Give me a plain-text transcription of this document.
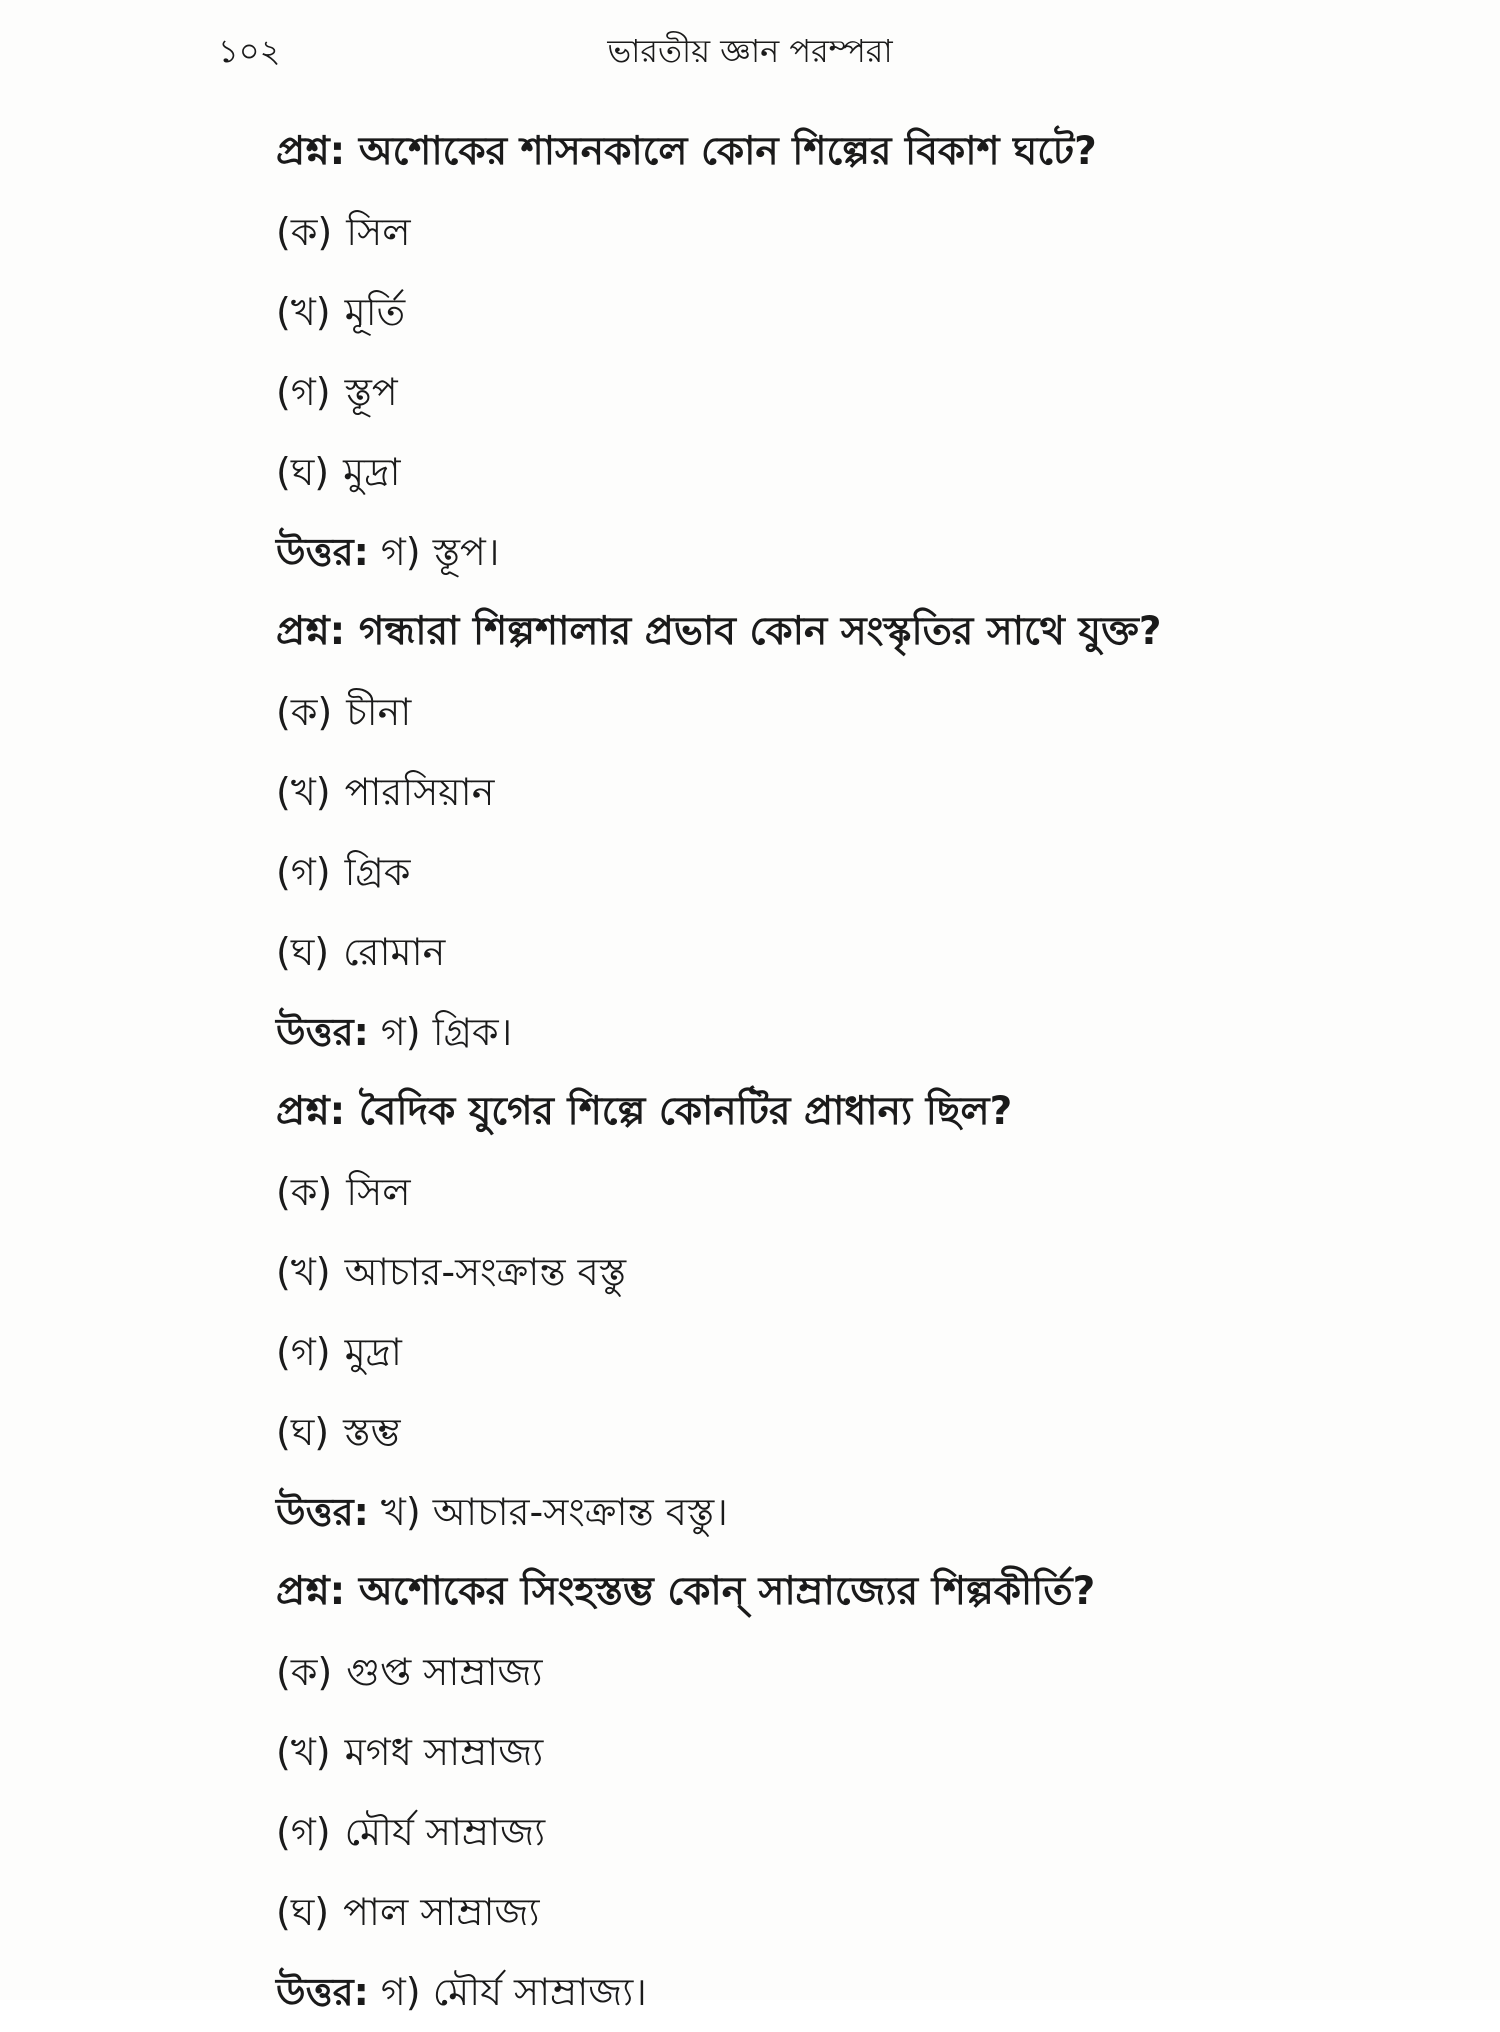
১০২	ভারতীয় জ্ঞান পরম্পরা
প্রশ্ন: অশোকের শাসনকালে কোন শিল্পের বিকাশ ঘটে?
(ক) সিল
(খ) মূর্তি
(গ) স্তূপ
(ঘ) মুদ্রা
উত্তর: গ) স্তূপ।
প্রশ্ন: গন্ধারা শিল্পশালার প্রভাব কোন সংস্কৃতির সাথে যুক্ত?
(ক) চীনা
(খ) পারসিয়ান
(গ) গ্রিক
(ঘ) রোমান
উত্তর: গ) গ্রিক।
প্রশ্ন: বৈদিক যুগের শিল্পে কোনটির প্রাধান্য ছিল?
(ক) সিল
(খ) আচার-সংক্রান্ত বস্তু
(গ) মুদ্রা
(ঘ) স্তম্ভ
উত্তর: খ) আচার-সংক্রান্ত বস্তু।
প্রশ্ন: অশোকের সিংহস্তম্ভ কোন্ সাম্রাজ্যের শিল্পকীর্তি?
(ক) গুপ্ত সাম্রাজ্য
(খ) মগধ সাম্রাজ্য
(গ) মৌর্য সাম্রাজ্য
(ঘ) পাল সাম্রাজ্য
উত্তর: গ) মৌর্য সাম্রাজ্য।
